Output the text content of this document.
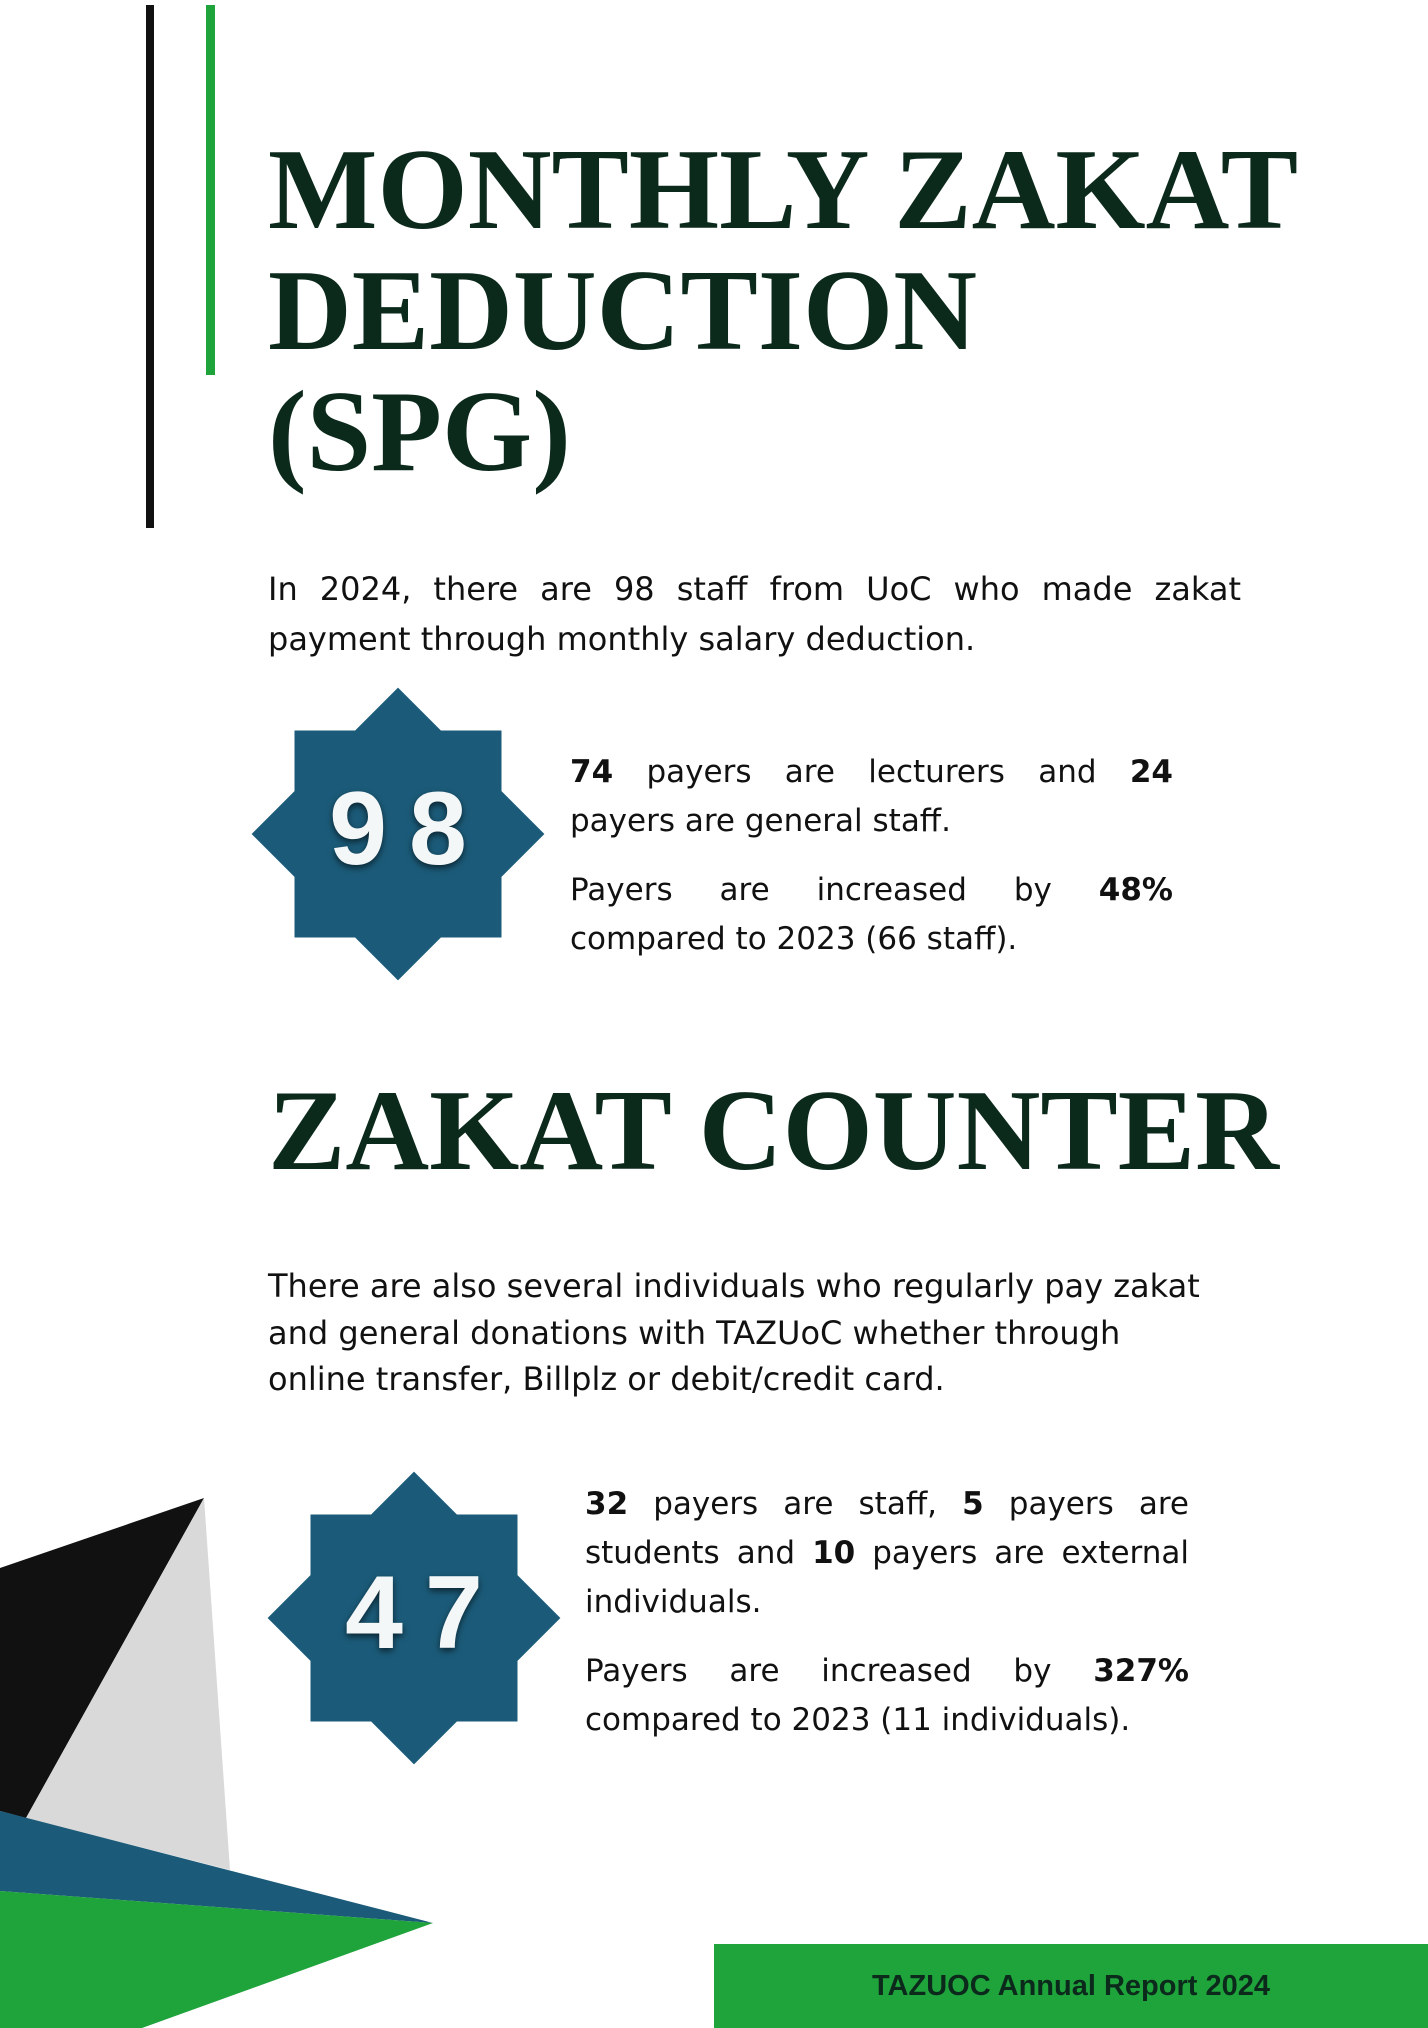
MONTHLY ZAKAT
DEDUCTION
(SPG)
In 2024, there are 98 staff from UoC who made zakat
payment through monthly salary deduction.
98	74 payers are lecturers and 24
payers are general staff.
Payers are increased by 48%
compared to 2023 (66 staff).
ZAKAT COUNTER
There are also several individuals who regularly pay zakat
and general donations with TAZUoC whether through
online transfer, Billplz or debit/credit card.
47
32 payers are staff, 5 payers are
students and 10 payers are external
individuals.
Payers are increased by 327%
compared to 2023 (11 individuals).
TAZUOC Annual Report 2024
